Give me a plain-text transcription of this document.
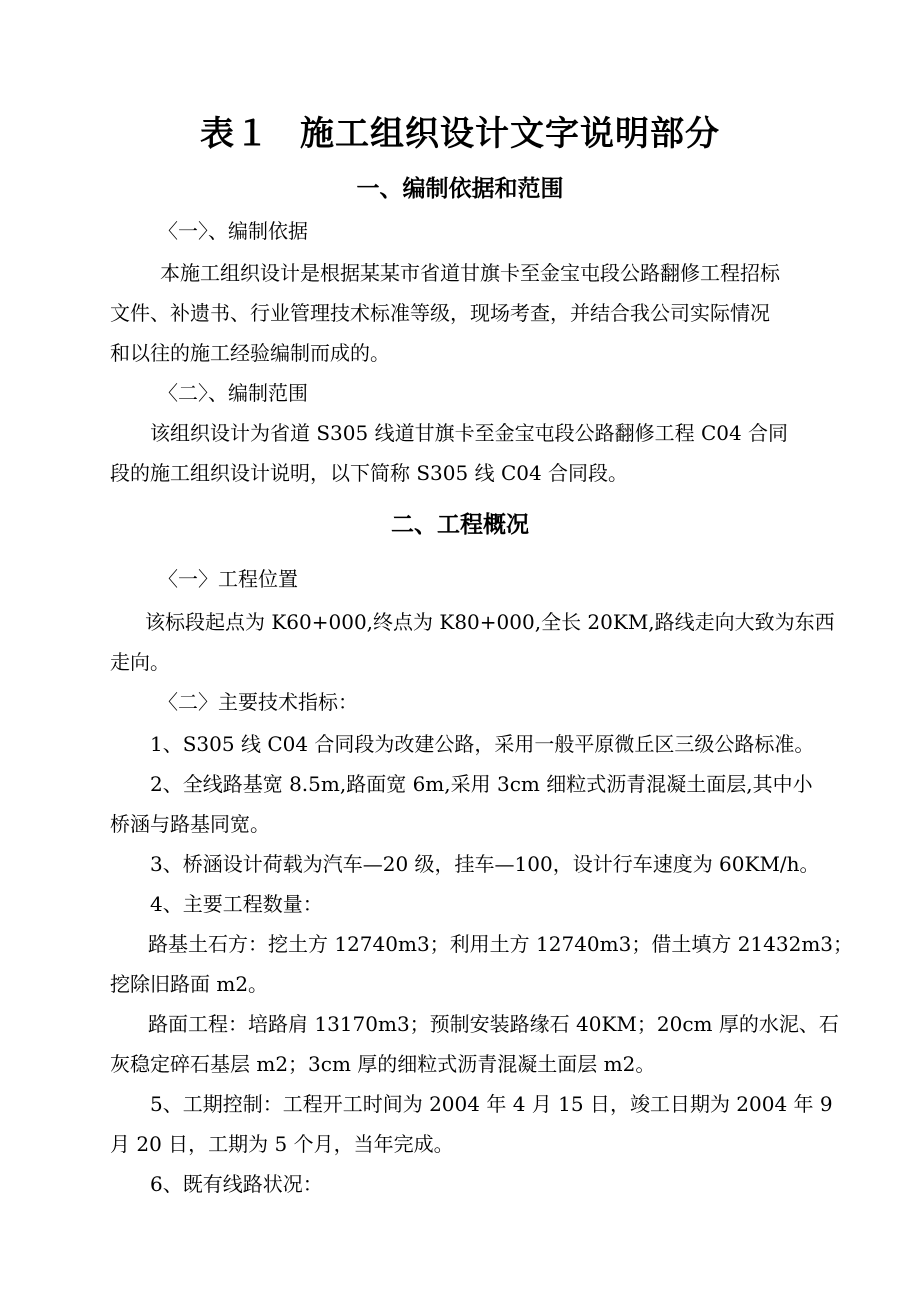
表１ 施工组织设计文字说明部分
一、编制依据和范围

〈一〉、编制依据

本施工组织设计是根据某某市省道甘旗卡至金宝屯段公路翻修工程招标

文件、补遗书、行业管理技术标准等级，现场考查，并结合我公司实际情况

和以往的施工经验编制而成的。

〈二〉、编制范围

该组织设计为省道 S305 线道甘旗卡至金宝屯段公路翻修工程 C04 合同

段的施工组织设计说明，以下简称 S305 线 C04 合同段。

二、工程概况

〈一〉工程位置

该标段起点为 K60+000,终点为 K80+000,全长 20KM,路线走向大致为东西

走向。

〈二〉主要技术指标：

1、S305 线 C04 合同段为改建公路，采用一般平原微丘区三级公路标准。

2、全线路基宽 8.5m,路面宽 6m,采用 3cm 细粒式沥青混凝土面层,其中小

桥涵与路基同宽。

3、桥涵设计荷载为汽车—20 级，挂车—100，设计行车速度为 60KM/h。

4、主要工程数量：

路基土石方：挖土方 12740m3；利用土方 12740m3；借土填方 21432m3；

挖除旧路面 m2。

路面工程：培路肩 13170m3；预制安装路缘石 40KM；20cm 厚的水泥、石

灰稳定碎石基层 m2；3cm 厚的细粒式沥青混凝土面层 m2。

5、工期控制：工程开工时间为 2004 年 4 月 15 日，竣工日期为 2004 年 9

月 20 日，工期为 5 个月，当年完成。

6、既有线路状况：
